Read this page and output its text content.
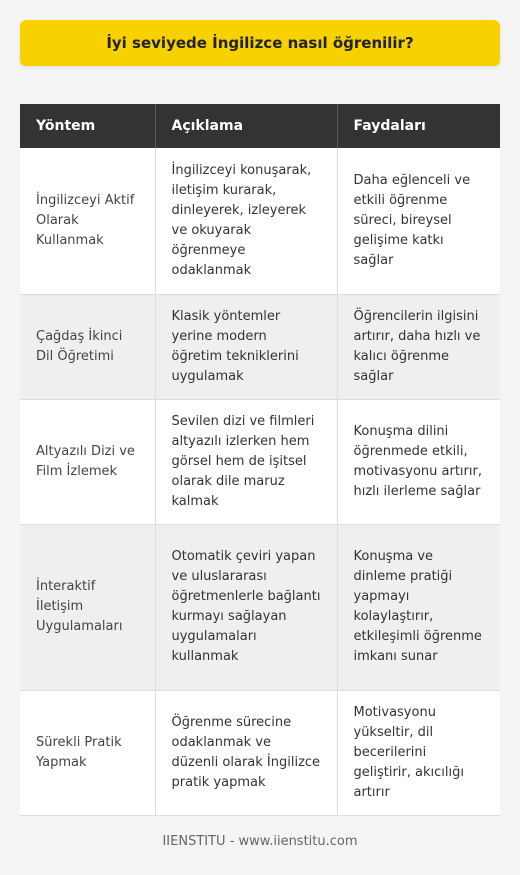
İyi seviyede İngilizce nasıl öğrenilir?
Yöntem	Açıklama	Faydaları
İngilizceyi Aktif Olarak Kullanmak	İngilizceyi konuşarak, iletişim kurarak, dinleyerek, izleyerek ve okuyarak öğrenmeye odaklanmak	Daha eğlenceli ve etkili öğrenme süreci, bireysel gelişime katkı sağlar
Çağdaş İkinci Dil Öğretimi	Klasik yöntemler yerine modern öğretim tekniklerini uygulamak	Öğrencilerin ilgisini artırır, daha hızlı ve kalıcı öğrenme sağlar
Altyazılı Dizi ve Film İzlemek	Sevilen dizi ve filmleri altyazılı izlerken hem görsel hem de işitsel olarak dile maruz kalmak	Konuşma dilini öğrenmede etkili, motivasyonu artırır, hızlı ilerleme sağlar
İnteraktif İletişim Uygulamaları	Otomatik çeviri yapan ve uluslararası öğretmenlerle bağlantı kurmayı sağlayan uygulamaları kullanmak	Konuşma ve dinleme pratiği yapmayı kolaylaştırır, etkileşimli öğrenme imkanı sunar
Sürekli Pratik Yapmak	Öğrenme sürecine odaklanmak ve düzenli olarak İngilizce pratik yapmak	Motivasyonu yükseltir, dil becerilerini geliştirir, akıcılığı artırır
IIENSTITU - www.iienstitu.com
